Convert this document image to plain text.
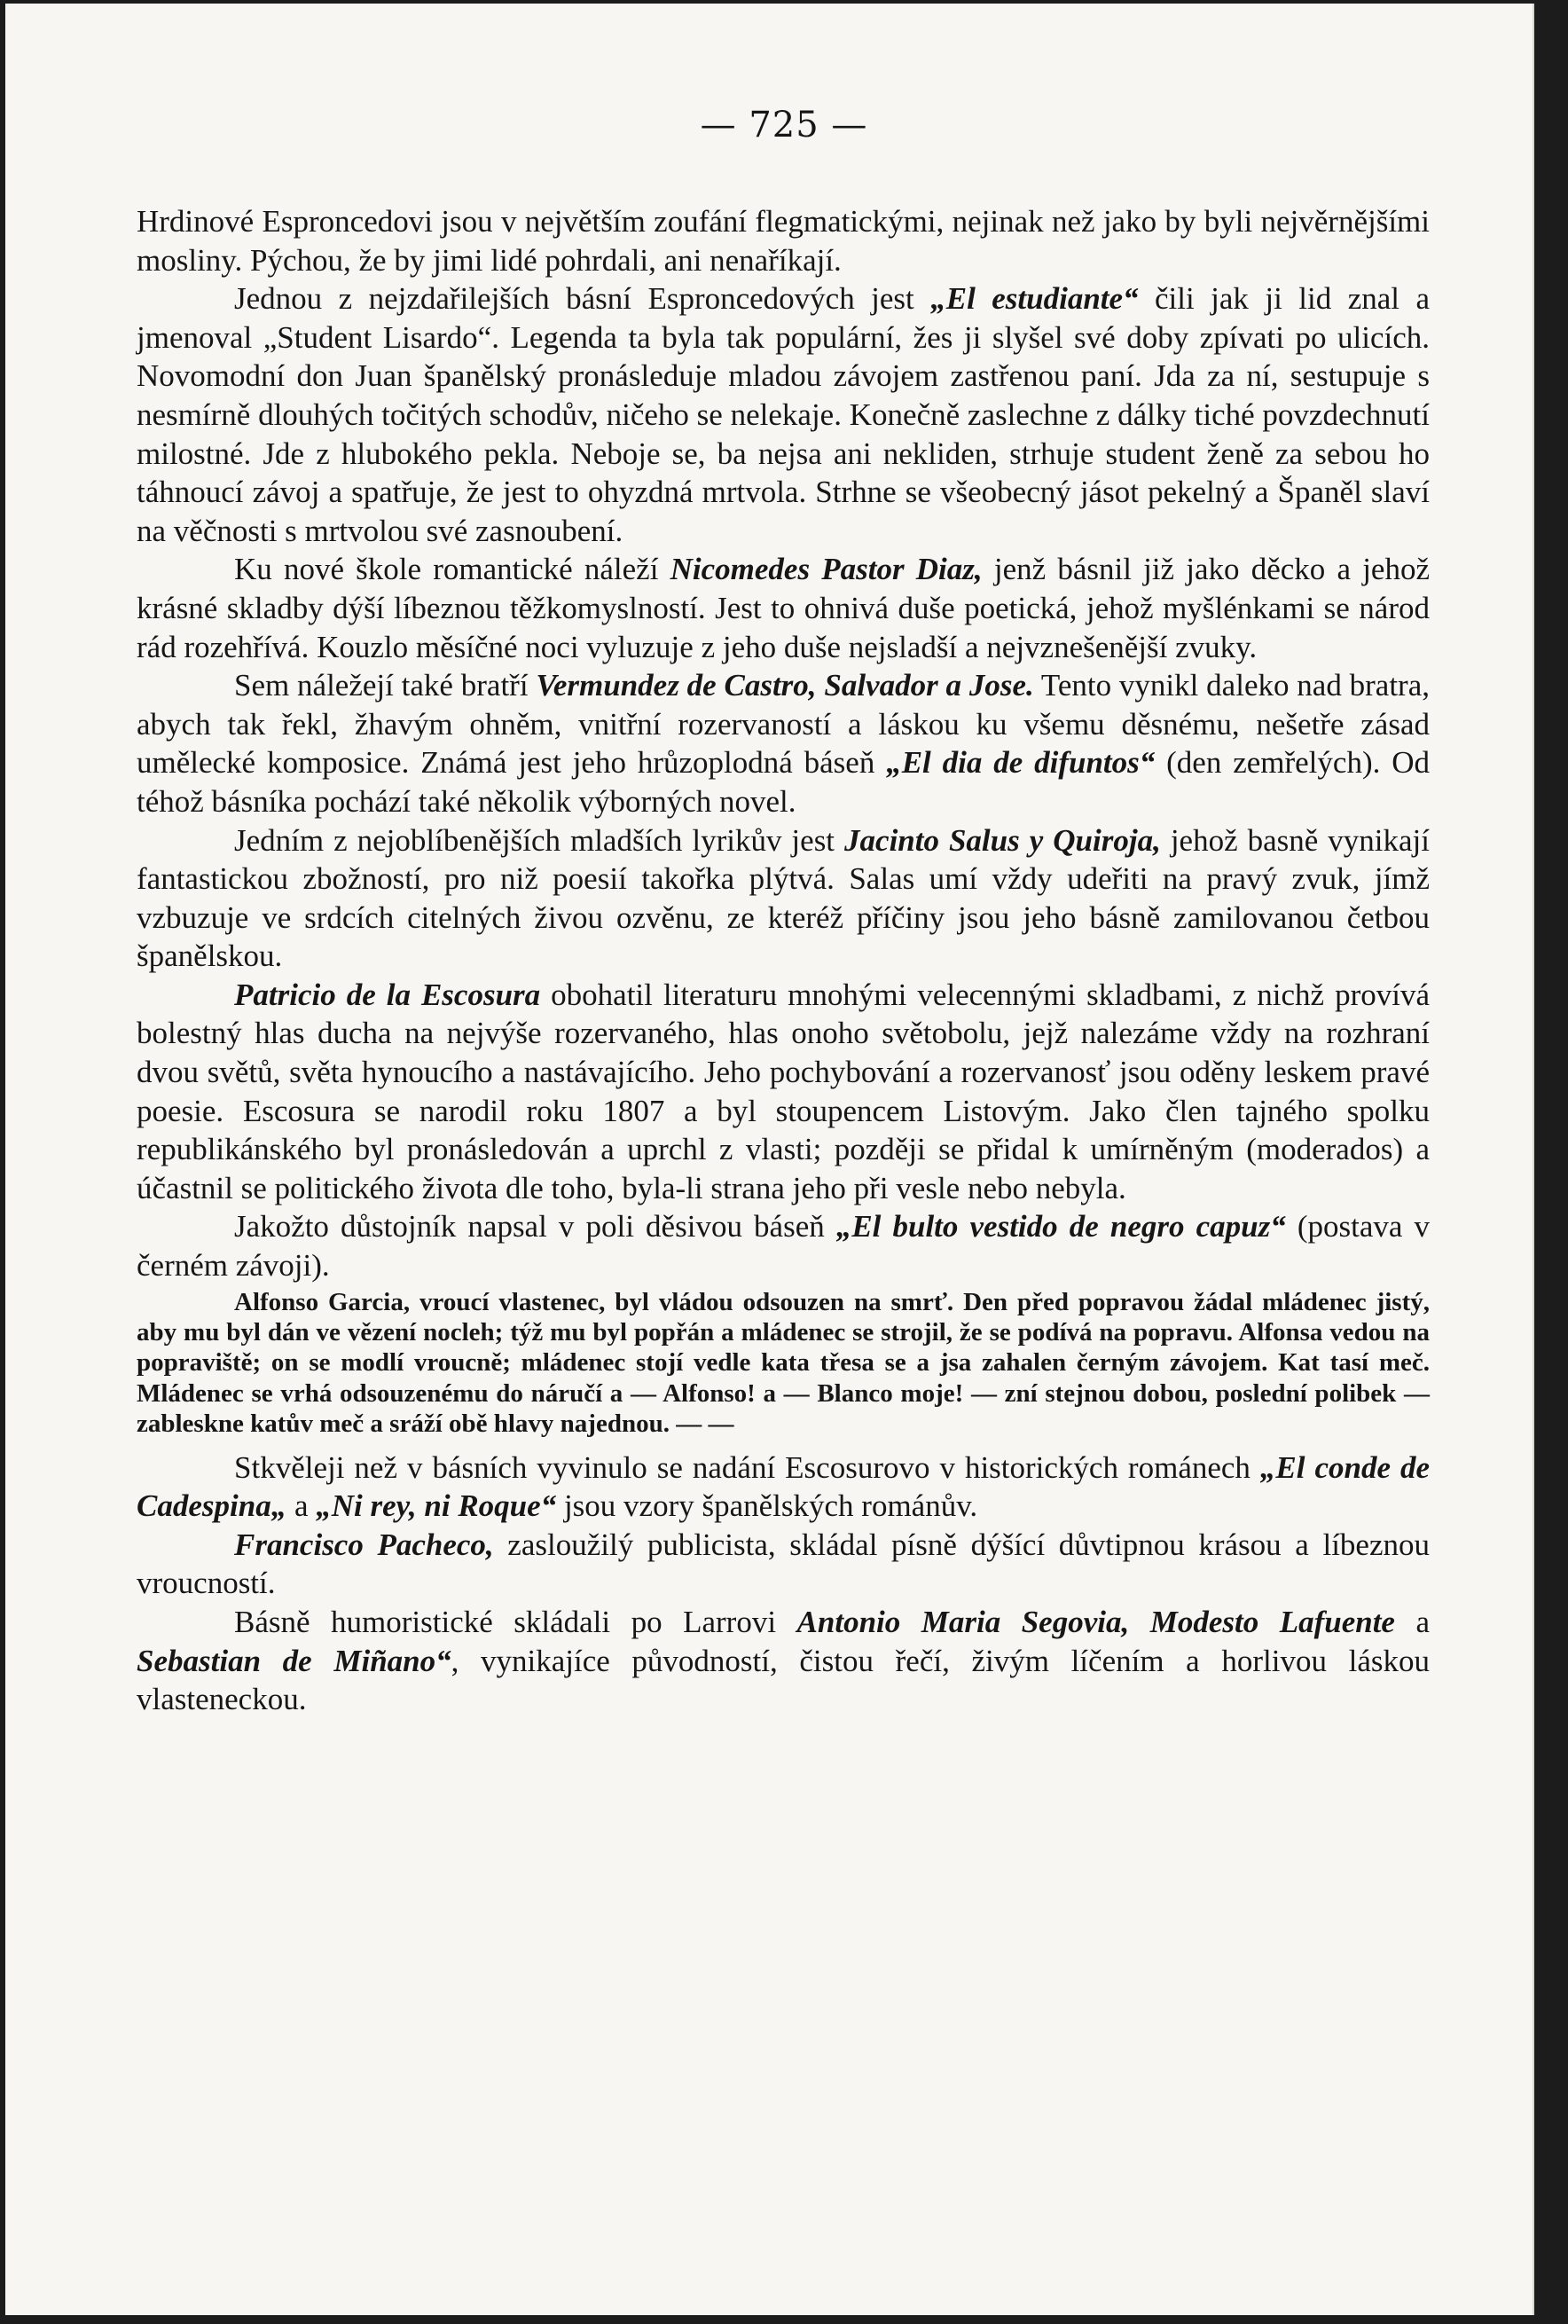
— 725 —

Hrdinové Esproncedovi jsou v největším zoufání flegmatickými, nejinak než jako by byli nejvěrnějšími mosliny. Pýchou, že by jimi lidé pohrdali, ani nenaříkají.

Jednou z nejzdařilejších básní Esproncedových jest „El estudiante“ čili jak ji lid znal a jmenoval „Student Lisardo“. Legenda ta byla tak populární, žes ji slyšel své doby zpívati po ulicích. Novomodní don Juan španělský pronásleduje mladou závojem zastřenou paní. Jda za ní, sestupuje s nesmírně dlouhých točitých schodův, ničeho se nelekaje. Konečně zaslechne z dálky tiché povzdechnutí milostné. Jde z hlubokého pekla. Neboje se, ba nejsa ani nekliden, strhuje student ženě za sebou ho táhnoucí závoj a spatřuje, že jest to ohyzdná mrtvola. Strhne se všeobecný jásot pekelný a Španěl slaví na věčnosti s mrtvolou své zasnoubení.

Ku nové škole romantické náleží Nicomedes Pastor Diaz, jenž básnil již jako děcko a jehož krásné skladby dýší líbeznou těžkomyslností. Jest to ohnivá duše poetická, jehož myšlénkami se národ rád rozehřívá. Kouzlo měsíčné noci vyluzuje z jeho duše nejsladší a nejvznešenější zvuky.

Sem náležejí také bratří Vermundez de Castro, Salvador a Jose. Tento vynikl daleko nad bratra, abych tak řekl, žhavým ohněm, vnitřní rozervaností a láskou ku všemu děsnému, nešetře zásad umělecké komposice. Známá jest jeho hrůzoplodná báseň „El dia de difuntos“ (den zemřelých). Od téhož básníka pochází také několik výborných novel.

Jedním z nejoblíbenějších mladších lyrikův jest Jacinto Salus y Quiroja, jehož basně vynikají fantastickou zbožností, pro niž poesií takořka plýtvá. Salas umí vždy udeřiti na pravý zvuk, jímž vzbuzuje ve srdcích citelných živou ozvěnu, ze kteréž příčiny jsou jeho básně zamilovanou četbou španělskou.

Patricio de la Escosura obohatil literaturu mnohými velecennými skladbami, z nichž provívá bolestný hlas ducha na nejvýše rozervaného, hlas onoho světobolu, jejž nalezáme vždy na rozhraní dvou světů, světa hynoucího a nastávajícího. Jeho pochybování a rozervanosť jsou oděny leskem pravé poesie. Escosura se narodil roku 1807 a byl stoupencem Listovým. Jako člen tajného spolku republikánského byl pronásledován a uprchl z vlasti; později se přidal k umírněným (moderados) a účastnil se politického života dle toho, byla-li strana jeho při vesle nebo nebyla.

Jakožto důstojník napsal v poli děsivou báseň „El bulto vestido de negro capuz“ (postava v černém závoji).

Alfonso Garcia, vroucí vlastenec, byl vládou odsouzen na smrť. Den před popravou žádal mládenec jistý, aby mu byl dán ve vězení nocleh; týž mu byl popřán a mládenec se strojil, že se podívá na popravu. Alfonsa vedou na popraviště; on se modlí vroucně; mládenec stojí vedle kata třesa se a jsa zahalen černým závojem. Kat tasí meč. Mládenec se vrhá odsouzenému do náručí a — Alfonso! a — Blanco moje! — zní stejnou dobou, poslední polibek — zableskne katův meč a sráží obě hlavy najednou. — —

Stkvěleji než v básních vyvinulo se nadání Escosurovo v historických románech „El conde de Cadespina„ a „Ni rey, ni Roque“ jsou vzory španělských románův.

Francisco Pacheco, zasloužilý publicista, skládal písně dýšící důvtipnou krásou a líbeznou vroucností.

Básně humoristické skládali po Larrovi Antonio Maria Segovia, Modesto Lafuente a Sebastian de Miñano“, vynikajíce původností, čistou řečí, živým líčením a horlivou láskou vlasteneckou.
